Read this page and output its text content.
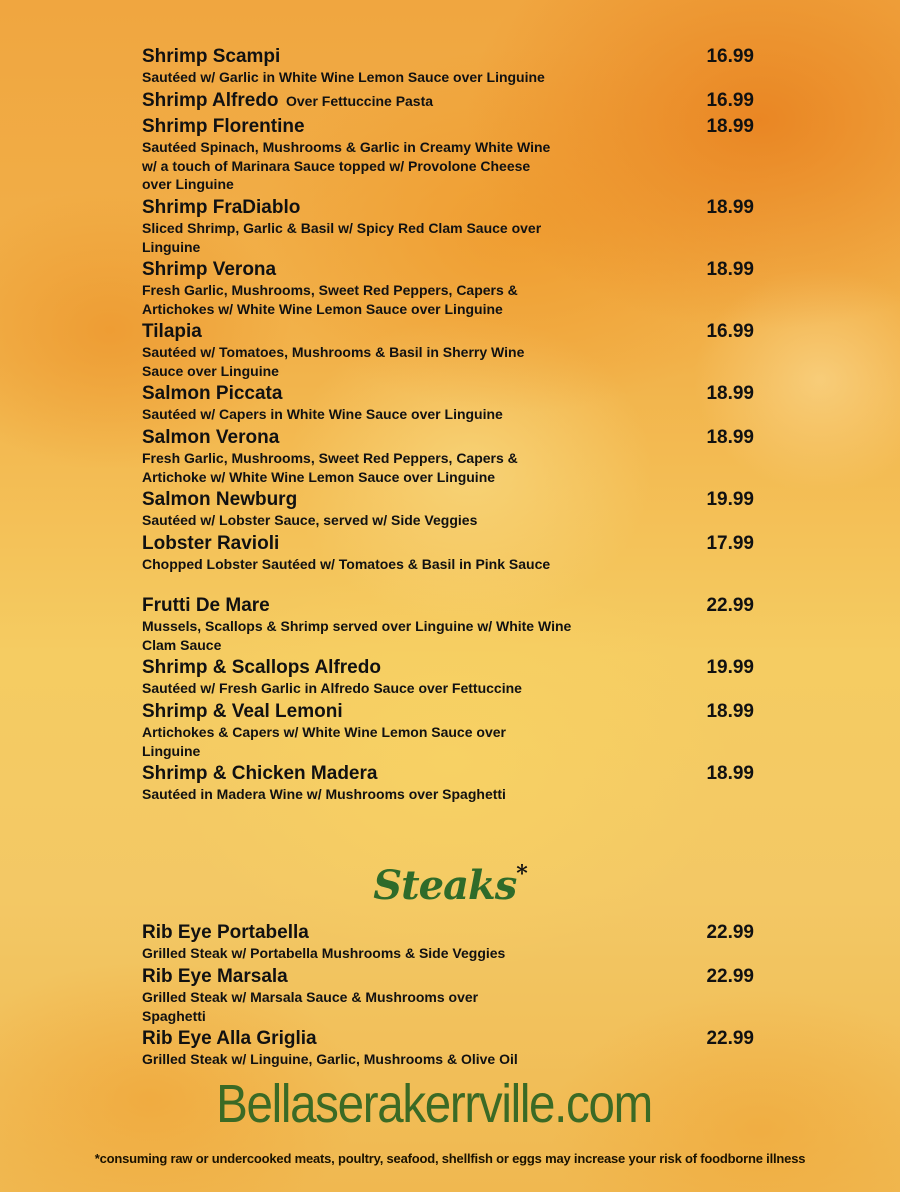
Shrimp Scampi
Sautéed w/ Garlic in White Wine Lemon Sauce over Linguine
16.99
Shrimp Alfredo Over Fettuccine Pasta	16.99
Shrimp Florentine
Sautéed Spinach, Mushrooms & Garlic in Creamy White Wine w/ a touch of Marinara Sauce topped w/ Provolone Cheese over Linguine
18.99
Shrimp FraDiablo
Sliced Shrimp, Garlic & Basil w/ Spicy Red Clam Sauce over Linguine
18.99
Shrimp Verona
Fresh Garlic, Mushrooms, Sweet Red Peppers, Capers & Artichokes w/ White Wine Lemon Sauce over Linguine
18.99
Tilapia
Sautéed w/ Tomatoes, Mushrooms & Basil in Sherry Wine Sauce over Linguine
16.99
Salmon Piccata
Sautéed w/ Capers in White Wine Sauce over Linguine
18.99
Salmon Verona
Fresh Garlic, Mushrooms, Sweet Red Peppers, Capers & Artichoke w/ White Wine Lemon Sauce over Linguine
18.99
Salmon Newburg
Sautéed w/ Lobster Sauce, served w/ Side Veggies
19.99
Lobster Ravioli
Chopped Lobster Sautéed w/ Tomatoes & Basil in Pink Sauce
17.99
Frutti De Mare
Mussels, Scallops & Shrimp served over Linguine w/ White Wine Clam Sauce
22.99
Shrimp & Scallops Alfredo
Sautéed w/ Fresh Garlic in Alfredo Sauce over Fettuccine
19.99
Shrimp & Veal Lemoni
Artichokes & Capers w/ White Wine Lemon Sauce over Linguine
18.99
Shrimp & Chicken Madera
Sautéed in Madera Wine w/ Mushrooms over Spaghetti
18.99
Steaks*
Rib Eye Portabella
Grilled Steak w/ Portabella Mushrooms & Side Veggies
22.99
Rib Eye Marsala
Grilled Steak w/ Marsala Sauce & Mushrooms over Spaghetti
22.99
Rib Eye Alla Griglia
Grilled Steak w/ Linguine, Garlic, Mushrooms & Olive Oil
22.99
Bellaserakerrville.com
*consuming raw or undercooked meats, poultry, seafood, shellfish or eggs may increase your risk of foodborne illness
